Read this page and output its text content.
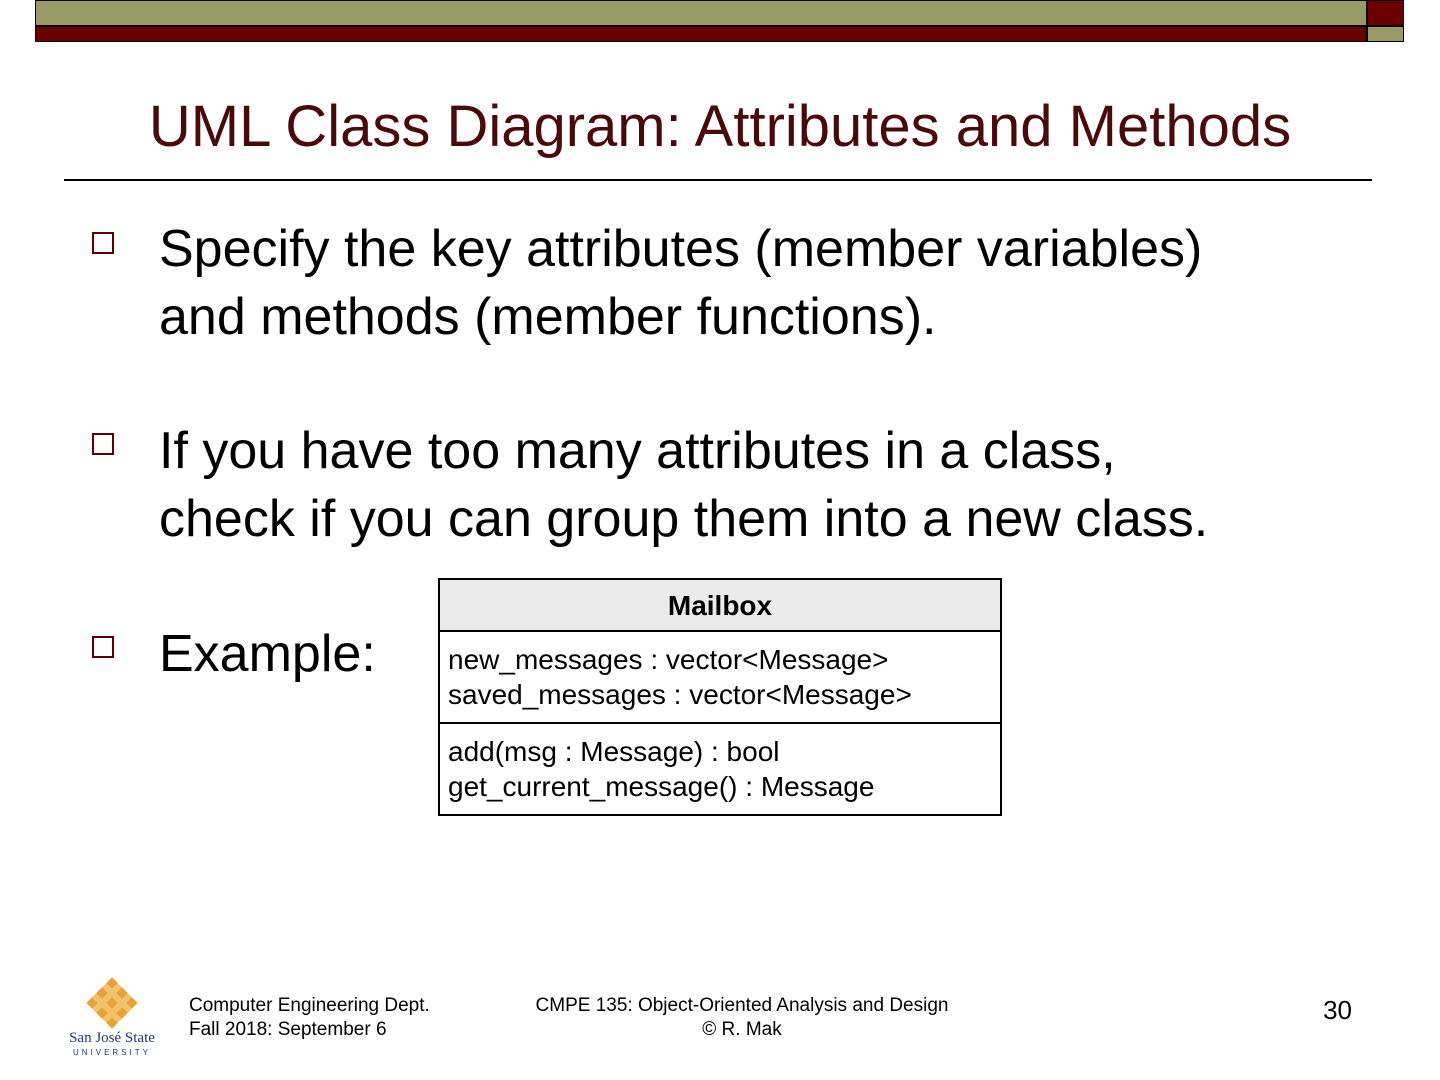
UML Class Diagram: Attributes and Methods

Specify the key attributes (member variables)
and methods (member functions).

If you have too many attributes in a class,
check if you can group them into a new class.

Example:

Mailbox
new_messages : vector<Message>
saved_messages : vector<Message>
add(msg : Message) : bool
get_current_message() : Message
San José State
UNIVERSITY
Computer Engineering Dept.
Fall 2018: September 6
CMPE 135: Object-Oriented Analysis and Design
© R. Mak
30
